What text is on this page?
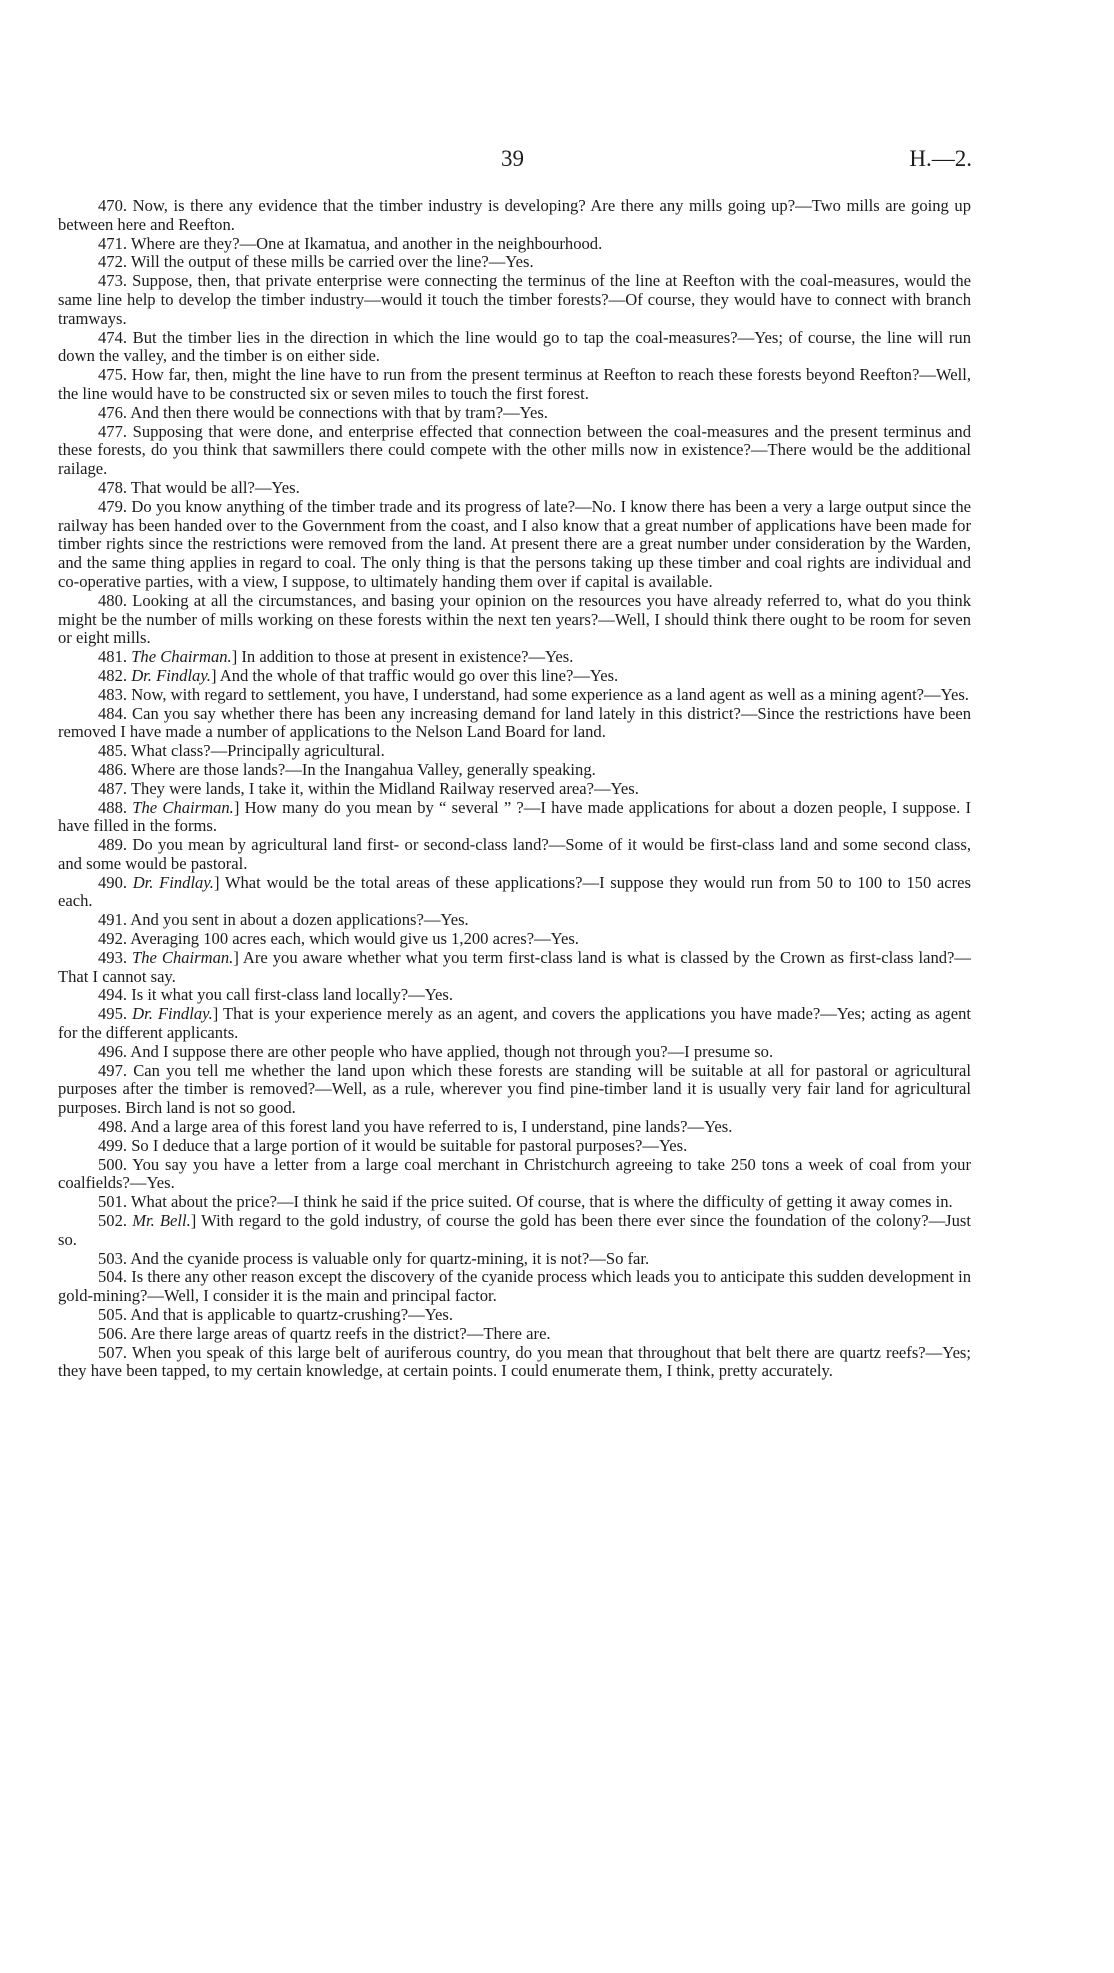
39	H.—2.

470. Now, is there any evidence that the timber industry is developing? Are there any mills going up?—Two mills are going up between here and Reefton.

471. Where are they?—One at Ikamatua, and another in the neighbourhood.

472. Will the output of these mills be carried over the line?—Yes.

473. Suppose, then, that private enterprise were connecting the terminus of the line at Reefton with the coal-measures, would the same line help to develop the timber industry—would it touch the timber forests?—Of course, they would have to connect with branch tramways.

474. But the timber lies in the direction in which the line would go to tap the coal-measures?—Yes; of course, the line will run down the valley, and the timber is on either side.

475. How far, then, might the line have to run from the present terminus at Reefton to reach these forests beyond Reefton?—Well, the line would have to be constructed six or seven miles to touch the first forest.

476. And then there would be connections with that by tram?—Yes.

477. Supposing that were done, and enterprise effected that connection between the coal-measures and the present terminus and these forests, do you think that sawmillers there could compete with the other mills now in existence?—There would be the additional railage.

478. That would be all?—Yes.

479. Do you know anything of the timber trade and its progress of late?—No. I know there has been a very a large output since the railway has been handed over to the Government from the coast, and I also know that a great number of applications have been made for timber rights since the restrictions were removed from the land. At present there are a great number under consideration by the Warden, and the same thing applies in regard to coal. The only thing is that the persons taking up these timber and coal rights are individual and co-operative parties, with a view, I suppose, to ultimately handing them over if capital is available.

480. Looking at all the circumstances, and basing your opinion on the resources you have already referred to, what do you think might be the number of mills working on these forests within the next ten years?—Well, I should think there ought to be room for seven or eight mills.

481. The Chairman.] In addition to those at present in existence?—Yes.

482. Dr. Findlay.] And the whole of that traffic would go over this line?—Yes.

483. Now, with regard to settlement, you have, I understand, had some experience as a land agent as well as a mining agent?—Yes.

484. Can you say whether there has been any increasing demand for land lately in this district?—Since the restrictions have been removed I have made a number of applications to the Nelson Land Board for land.

485. What class?—Principally agricultural.

486. Where are those lands?—In the Inangahua Valley, generally speaking.

487. They were lands, I take it, within the Midland Railway reserved area?—Yes.

488. The Chairman.] How many do you mean by “ several ” ?—I have made applications for about a dozen people, I suppose. I have filled in the forms.

489. Do you mean by agricultural land first- or second-class land?—Some of it would be first-class land and some second class, and some would be pastoral.

490. Dr. Findlay.] What would be the total areas of these applications?—I suppose they would run from 50 to 100 to 150 acres each.

491. And you sent in about a dozen applications?—Yes.

492. Averaging 100 acres each, which would give us 1,200 acres?—Yes.

493. The Chairman.] Are you aware whether what you term first-class land is what is classed by the Crown as first-class land?—That I cannot say.

494. Is it what you call first-class land locally?—Yes.

495. Dr. Findlay.] That is your experience merely as an agent, and covers the applications you have made?—Yes; acting as agent for the different applicants.

496. And I suppose there are other people who have applied, though not through you?—I presume so.

497. Can you tell me whether the land upon which these forests are standing will be suitable at all for pastoral or agricultural purposes after the timber is removed?—Well, as a rule, wherever you find pine-timber land it is usually very fair land for agricultural purposes. Birch land is not so good.

498. And a large area of this forest land you have referred to is, I understand, pine lands?—Yes.

499. So I deduce that a large portion of it would be suitable for pastoral purposes?—Yes.

500. You say you have a letter from a large coal merchant in Christchurch agreeing to take 250 tons a week of coal from your coalfields?—Yes.

501. What about the price?—I think he said if the price suited. Of course, that is where the difficulty of getting it away comes in.

502. Mr. Bell.] With regard to the gold industry, of course the gold has been there ever since the foundation of the colony?—Just so.

503. And the cyanide process is valuable only for quartz-mining, it is not?—So far.

504. Is there any other reason except the discovery of the cyanide process which leads you to anticipate this sudden development in gold-mining?—Well, I consider it is the main and principal factor.

505. And that is applicable to quartz-crushing?—Yes.

506. Are there large areas of quartz reefs in the district?—There are.

507. When you speak of this large belt of auriferous country, do you mean that throughout that belt there are quartz reefs?—Yes; they have been tapped, to my certain knowledge, at certain points. I could enumerate them, I think, pretty accurately.
